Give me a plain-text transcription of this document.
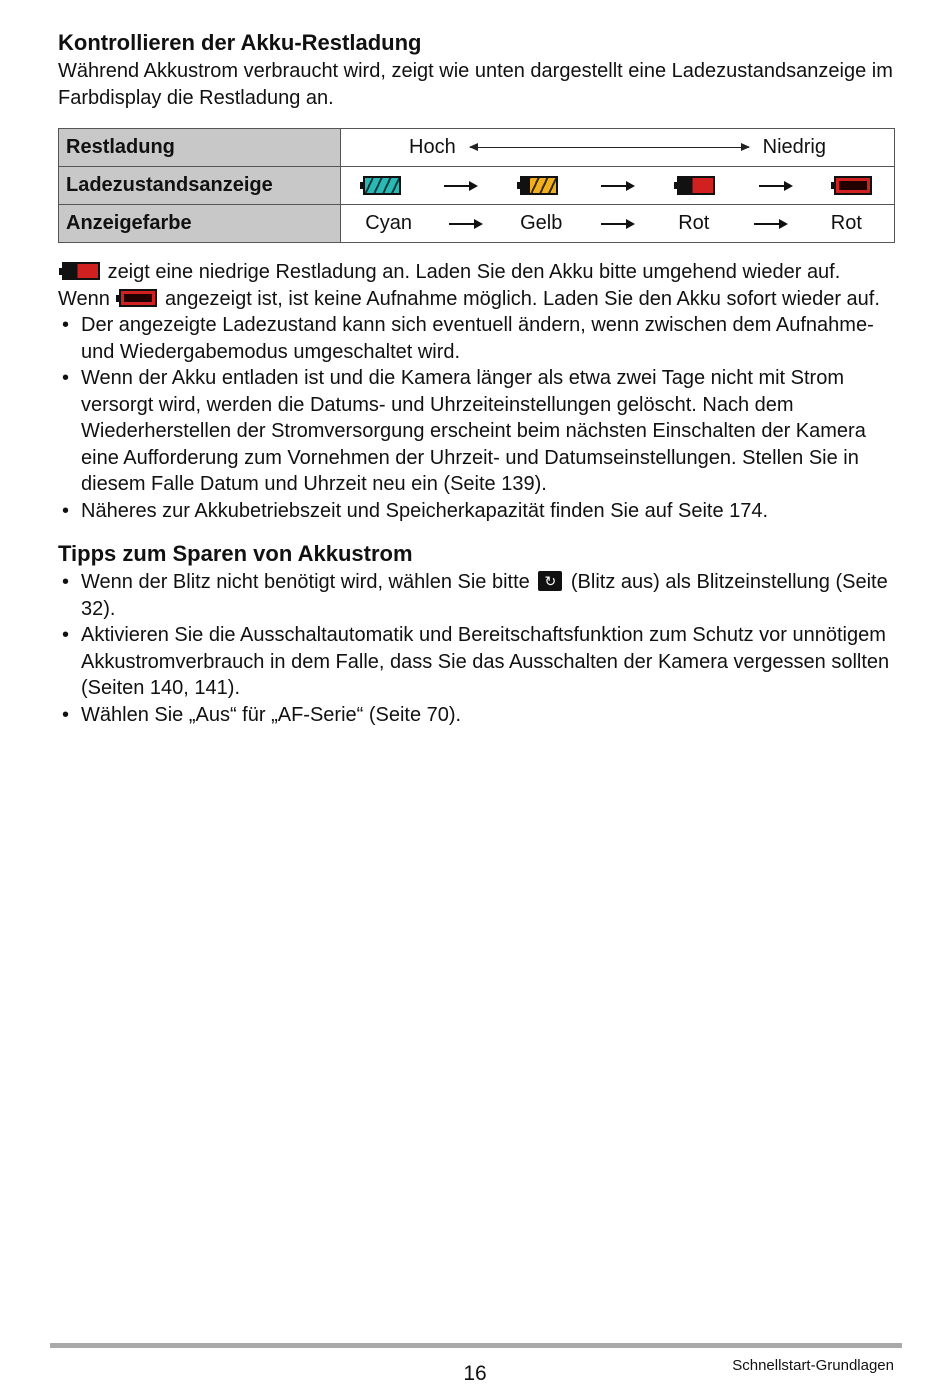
Kontrollieren der Akku-Restladung

Während Akkustrom verbraucht wird, zeigt wie unten dargestellt eine Ladezustandsanzeige im Farbdisplay die Restladung an.

Restladung	Hoch Niedrig

Ladezustandsanzeige	

Anzeigefarbe	Cyan Gelb Rot Rot

zeigt eine niedrige Restladung an. Laden Sie den Akku bitte umgehend wieder auf.

Wenn	angezeigt ist, ist keine Aufnahme möglich. Laden Sie den Akku sofort wieder auf.

• Der angezeigte Ladezustand kann sich eventuell ändern, wenn zwischen dem Aufnahme- und Wiedergabemodus umgeschaltet wird.
• Wenn der Akku entladen ist und die Kamera länger als etwa zwei Tage nicht mit Strom versorgt wird, werden die Datums- und Uhrzeiteinstellungen gelöscht. Nach dem Wiederherstellen der Stromversorgung erscheint beim nächsten Einschalten der Kamera eine Aufforderung zum Vornehmen der Uhrzeit- und Datumseinstellungen. Stellen Sie in diesem Falle Datum und Uhrzeit neu ein (Seite 139).
• Näheres zur Akkubetriebszeit und Speicherkapazität finden Sie auf Seite 174.
Tipps zum Sparen von Akkustrom
• Wenn der Blitz nicht benötigt wird, wählen Sie bitte ↻ (Blitz aus) als Blitzeinstellung (Seite 32).
• Aktivieren Sie die Ausschaltautomatik und Bereitschaftsfunktion zum Schutz vor unnötigem Akkustromverbrauch in dem Falle, dass Sie das Ausschalten der Kamera vergessen sollten (Seiten 140, 141).
• Wählen Sie „Aus“ für „AF-Serie“ (Seite 70).
16	Schnellstart-Grundlagen
